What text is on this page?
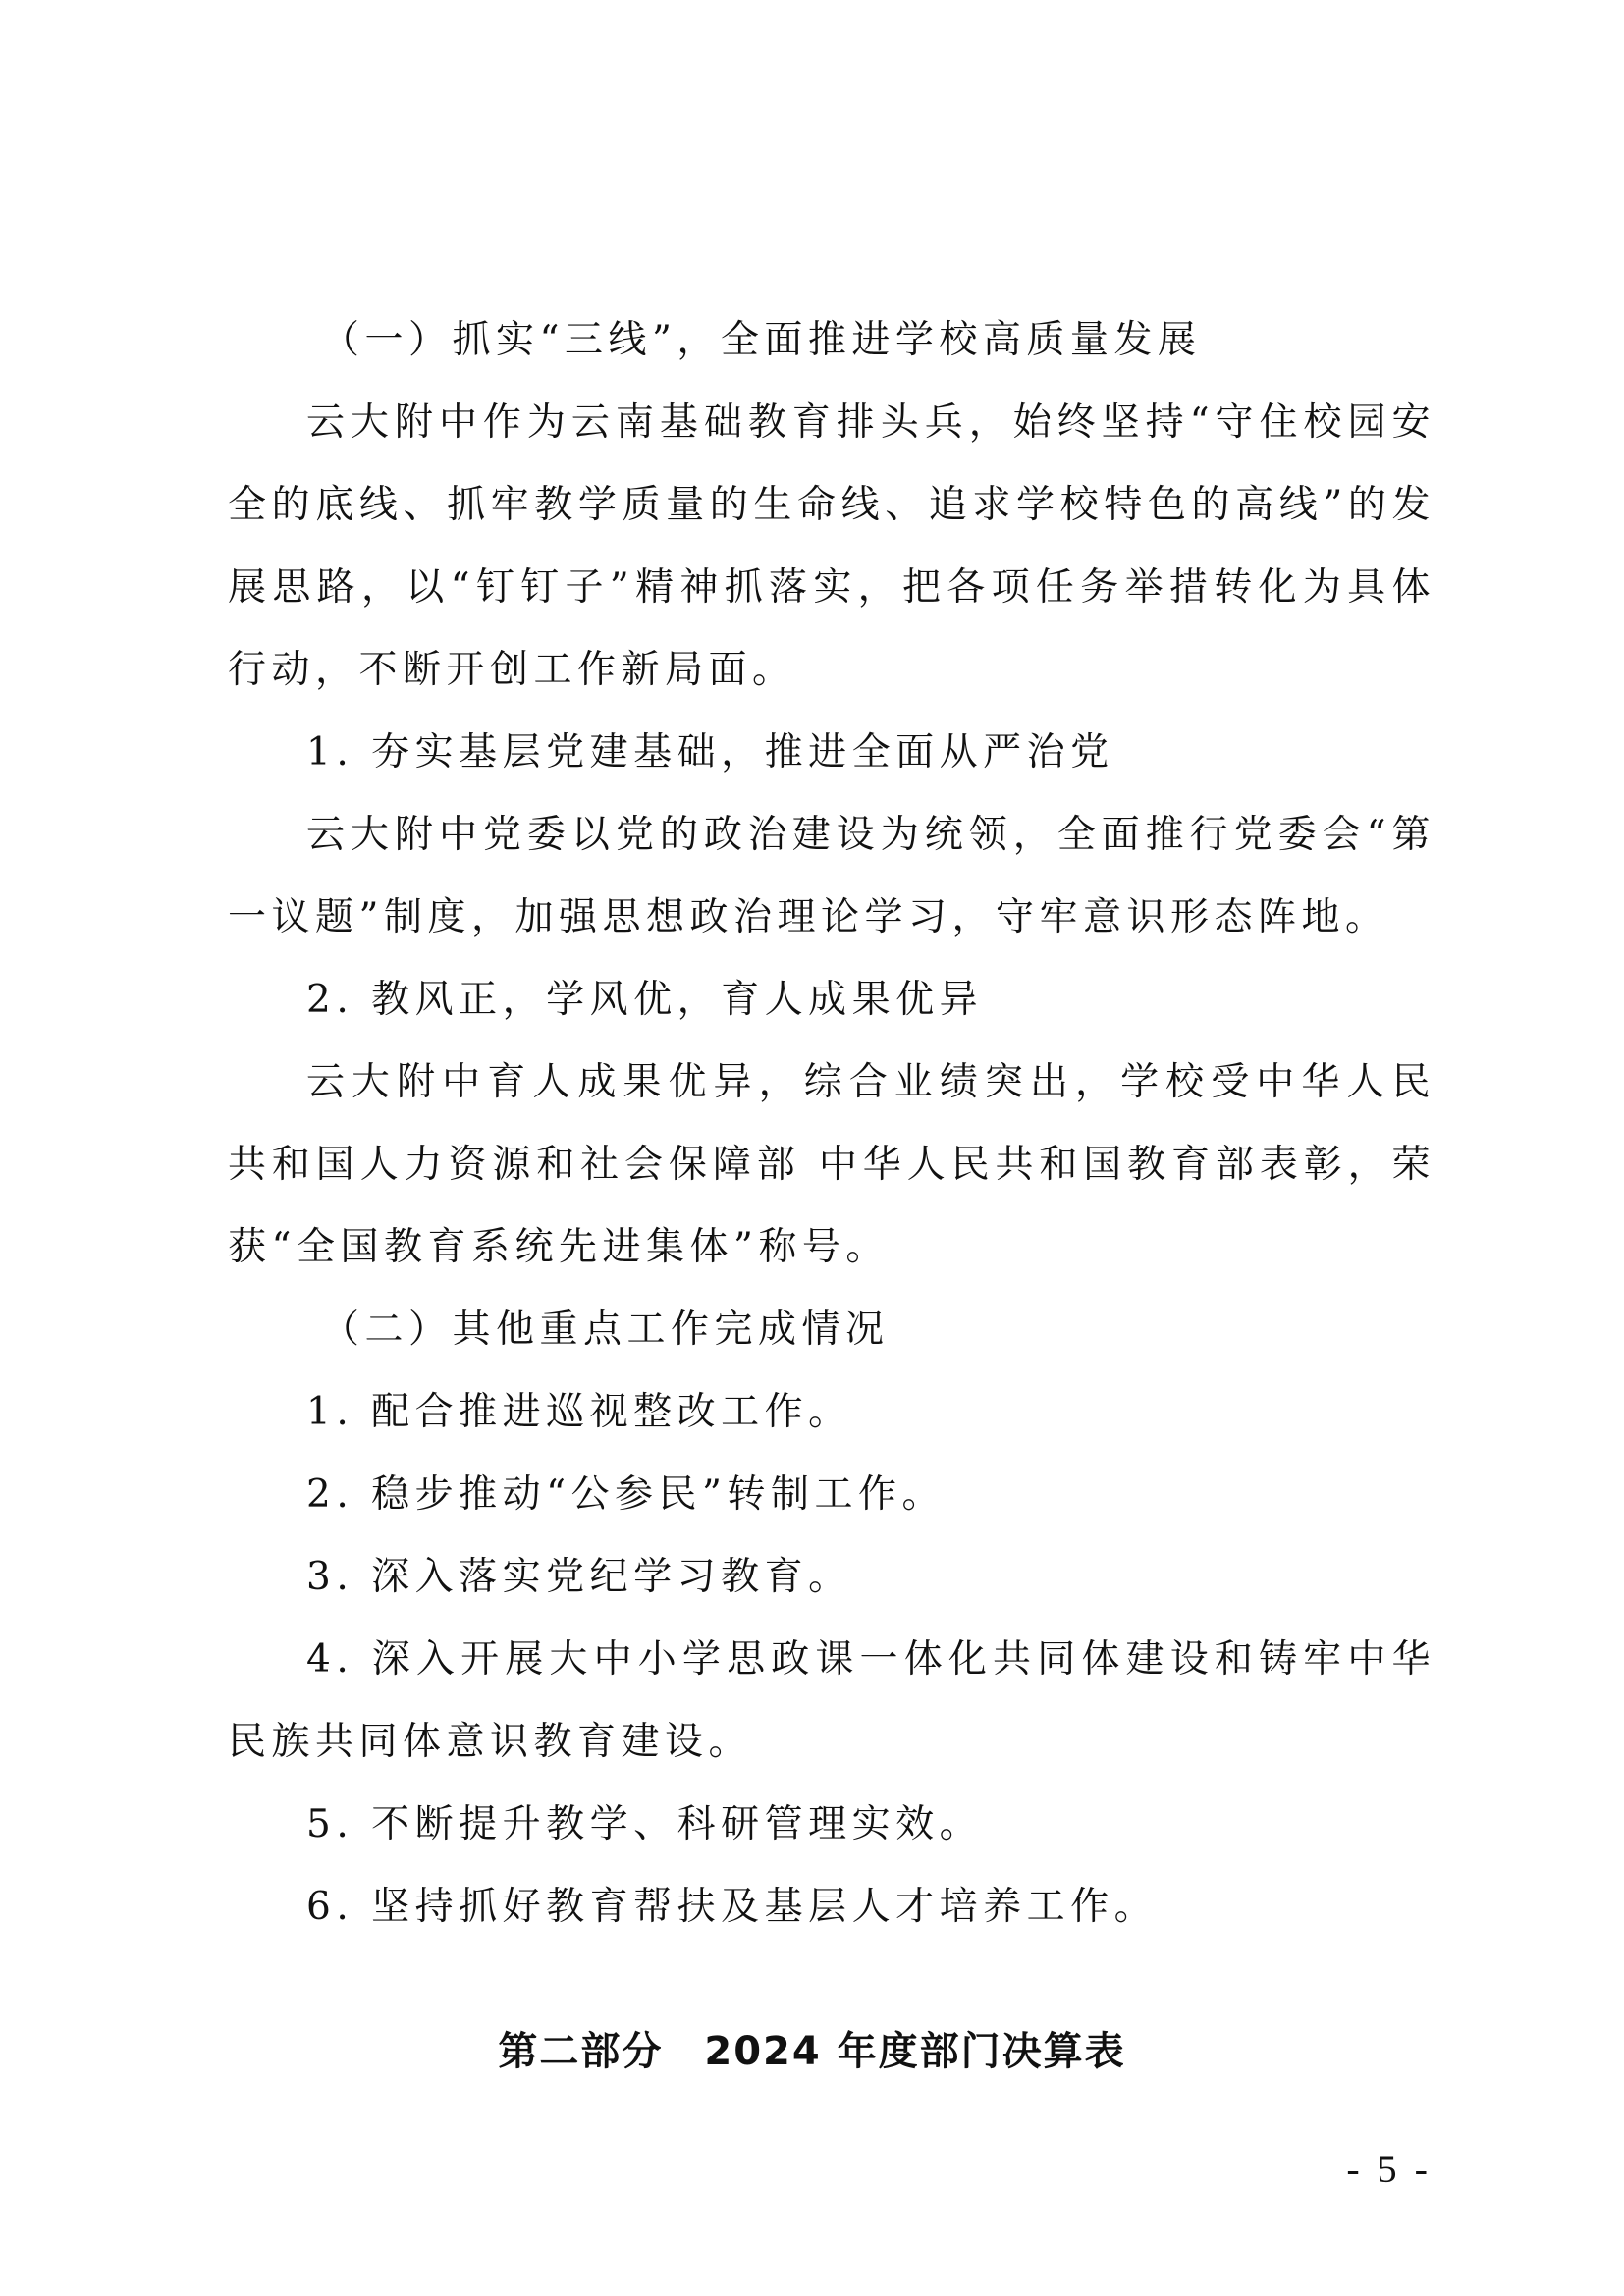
（一）抓实“三线”，全面推进学校高质量发展

云大附中作为云南基础教育排头兵，始终坚持“守住校园安全的底线、抓牢教学质量的生命线、追求学校特色的高线”的发展思路，以“钉钉子”精神抓落实，把各项任务举措转化为具体行动，不断开创工作新局面。

1. 夯实基层党建基础，推进全面从严治党

云大附中党委以党的政治建设为统领，全面推行党委会“第一议题”制度，加强思想政治理论学习，守牢意识形态阵地。

2. 教风正，学风优，育人成果优异

云大附中育人成果优异，综合业绩突出，学校受中华人民共和国人力资源和社会保障部 中华人民共和国教育部表彰，荣获“全国教育系统先进集体”称号。

（二）其他重点工作完成情况

1. 配合推进巡视整改工作。

2. 稳步推动“公参民”转制工作。

3. 深入落实党纪学习教育。

4. 深入开展大中小学思政课一体化共同体建设和铸牢中华民族共同体意识教育建设。

5. 不断提升教学、科研管理实效。

6. 坚持抓好教育帮扶及基层人才培养工作。

第二部分　2024 年度部门决算表
- 5 -
